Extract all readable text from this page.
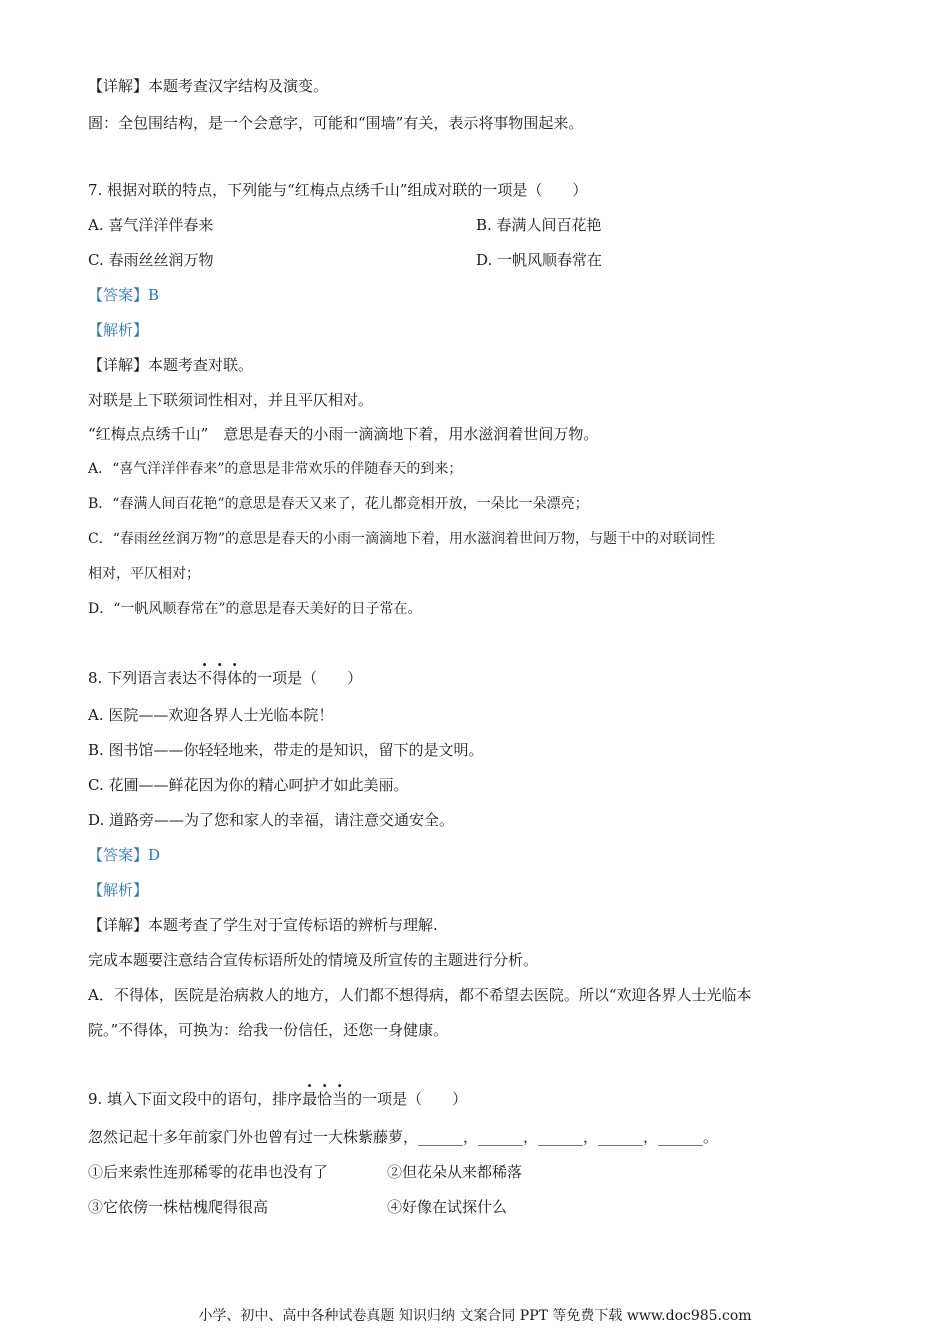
【详解】本题考查汉字结构及演变。
圄：全包围结构，是一个会意字，可能和“围墙”有关，表示将事物围起来。
7. 根据对联的特点，下列能与“红梅点点绣千山”组成对联的一项是（　　）
A. 喜气洋洋伴春来	B. 春满人间百花艳
C. 春雨丝丝润万物	D. 一帆风顺春常在
【答案】B
【解析】
【详解】本题考查对联。
对联是上下联须词性相对，并且平仄相对。
“红梅点点绣千山”　意思是春天的小雨一滴滴地下着，用水滋润着世间万物。
A．“喜气洋洋伴春来”的意思是非常欢乐的伴随春天的到来；
B．“春满人间百花艳”的意思是春天又来了，花儿都竞相开放，一朵比一朵漂亮；
C．“春雨丝丝润万物”的意思是春天的小雨一滴滴地下着，用水滋润着世间万物，与题干中的对联词性
相对，平仄相对；
D．“一帆风顺春常在”的意思是春天美好的日子常在。
8. 下列语言表达不得体的一项是（　　）
A. 医院——欢迎各界人士光临本院！
B. 图书馆——你轻轻地来，带走的是知识，留下的是文明。
C. 花圃——鲜花因为你的精心呵护才如此美丽。
D. 道路旁——为了您和家人的幸福，请注意交通安全。
【答案】D
【解析】
【详解】本题考查了学生对于宣传标语的辨析与理解.
完成本题要注意结合宣传标语所处的情境及所宣传的主题进行分析。
A．不得体，医院是治病救人的地方，人们都不想得病，都不希望去医院。所以“欢迎各界人士光临本
院。”不得体，可换为：给我一份信任，还您一身健康。
9. 填入下面文段中的语句，排序最恰当的一项是（　　）
忽然记起十多年前家门外也曾有过一大株紫藤萝，______，______，______，______，______。
①后来索性连那稀零的花串也没有了	②但花朵从来都稀落
③它依傍一株枯槐爬得很高	④好像在试探什么
小学、初中、高中各种试卷真题 知识归纳 文案合同 PPT 等免费下载 www.doc985.com
